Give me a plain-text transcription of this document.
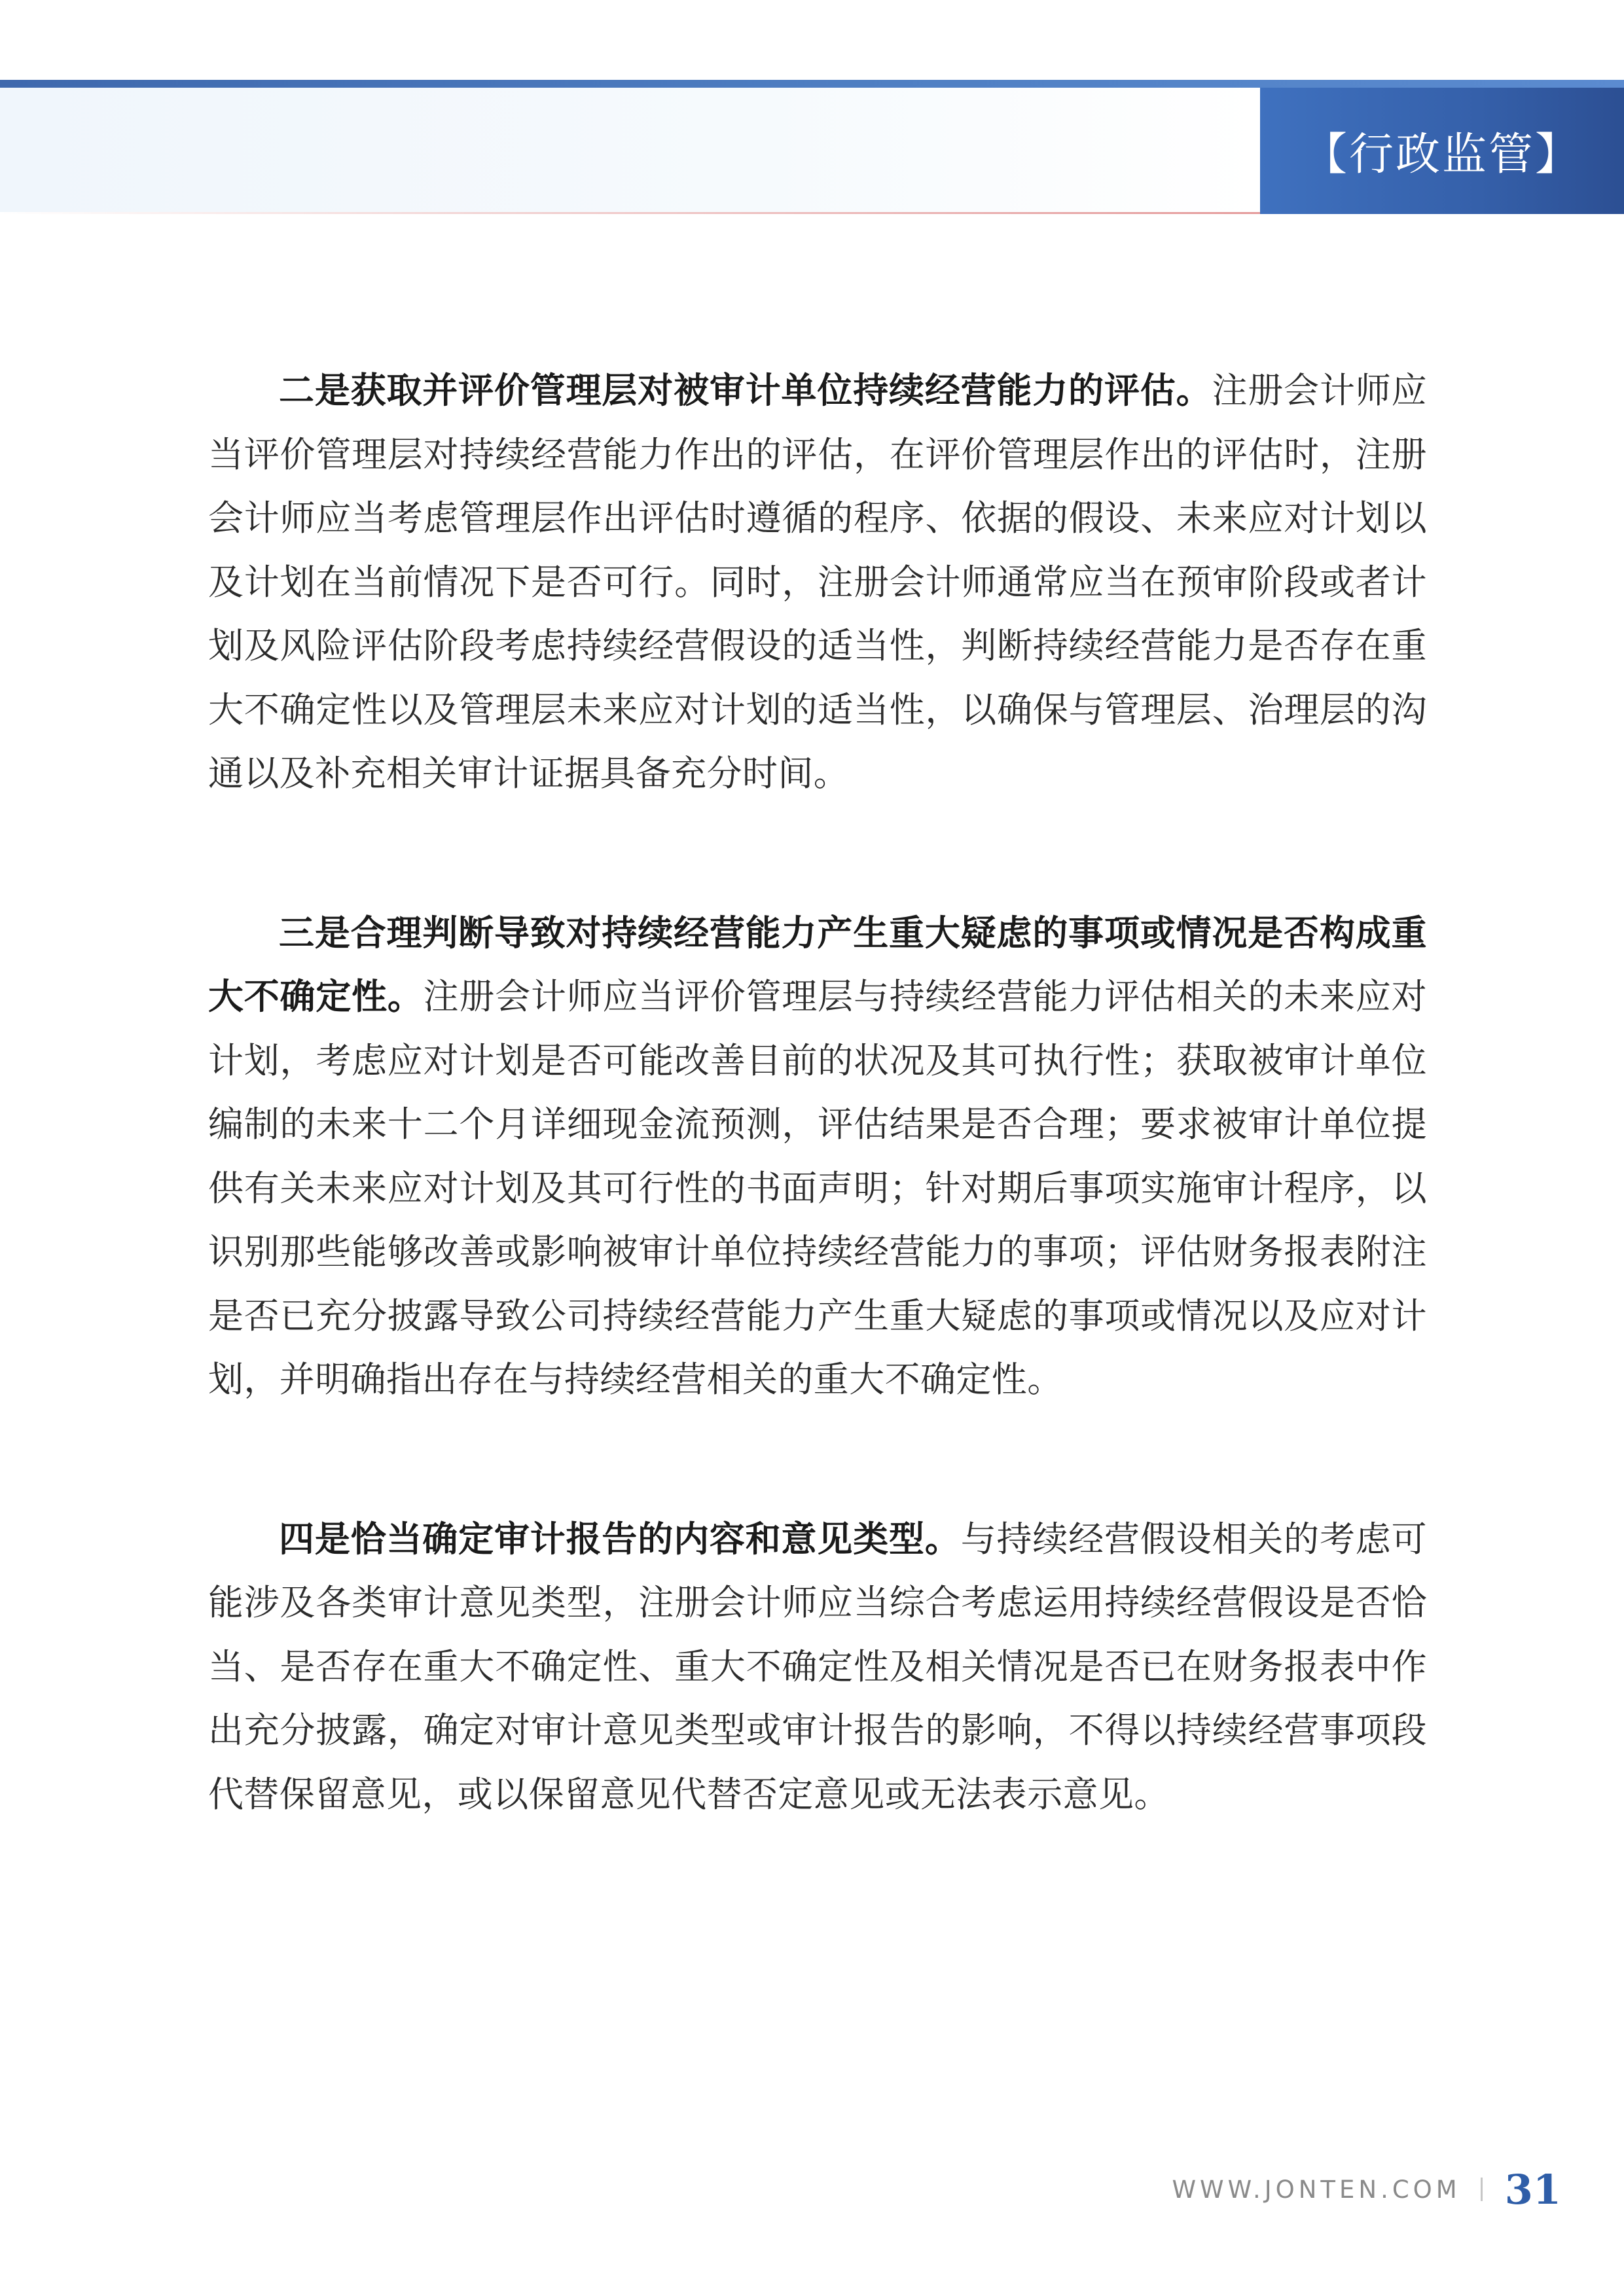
【行政监管】

二是获取并评价管理层对被审计单位持续经营能力的评估。注册会计师应当评价管理层对持续经营能力作出的评估，在评价管理层作出的评估时，注册会计师应当考虑管理层作出评估时遵循的程序、依据的假设、未来应对计划以及计划在当前情况下是否可行。同时，注册会计师通常应当在预审阶段或者计划及风险评估阶段考虑持续经营假设的适当性，判断持续经营能力是否存在重大不确定性以及管理层未来应对计划的适当性，以确保与管理层、治理层的沟通以及补充相关审计证据具备充分时间。

三是合理判断导致对持续经营能力产生重大疑虑的事项或情况是否构成重大不确定性。注册会计师应当评价管理层与持续经营能力评估相关的未来应对计划，考虑应对计划是否可能改善目前的状况及其可执行性；获取被审计单位编制的未来十二个月详细现金流预测，评估结果是否合理；要求被审计单位提供有关未来应对计划及其可行性的书面声明；针对期后事项实施审计程序，以识别那些能够改善或影响被审计单位持续经营能力的事项；评估财务报表附注是否已充分披露导致公司持续经营能力产生重大疑虑的事项或情况以及应对计划，并明确指出存在与持续经营相关的重大不确定性。

四是恰当确定审计报告的内容和意见类型。与持续经营假设相关的考虑可能涉及各类审计意见类型，注册会计师应当综合考虑运用持续经营假设是否恰当、是否存在重大不确定性、重大不确定性及相关情况是否已在财务报表中作出充分披露，确定对审计意见类型或审计报告的影响，不得以持续经营事项段代替保留意见，或以保留意见代替否定意见或无法表示意见。

WWW.JONTEN.COM 31
